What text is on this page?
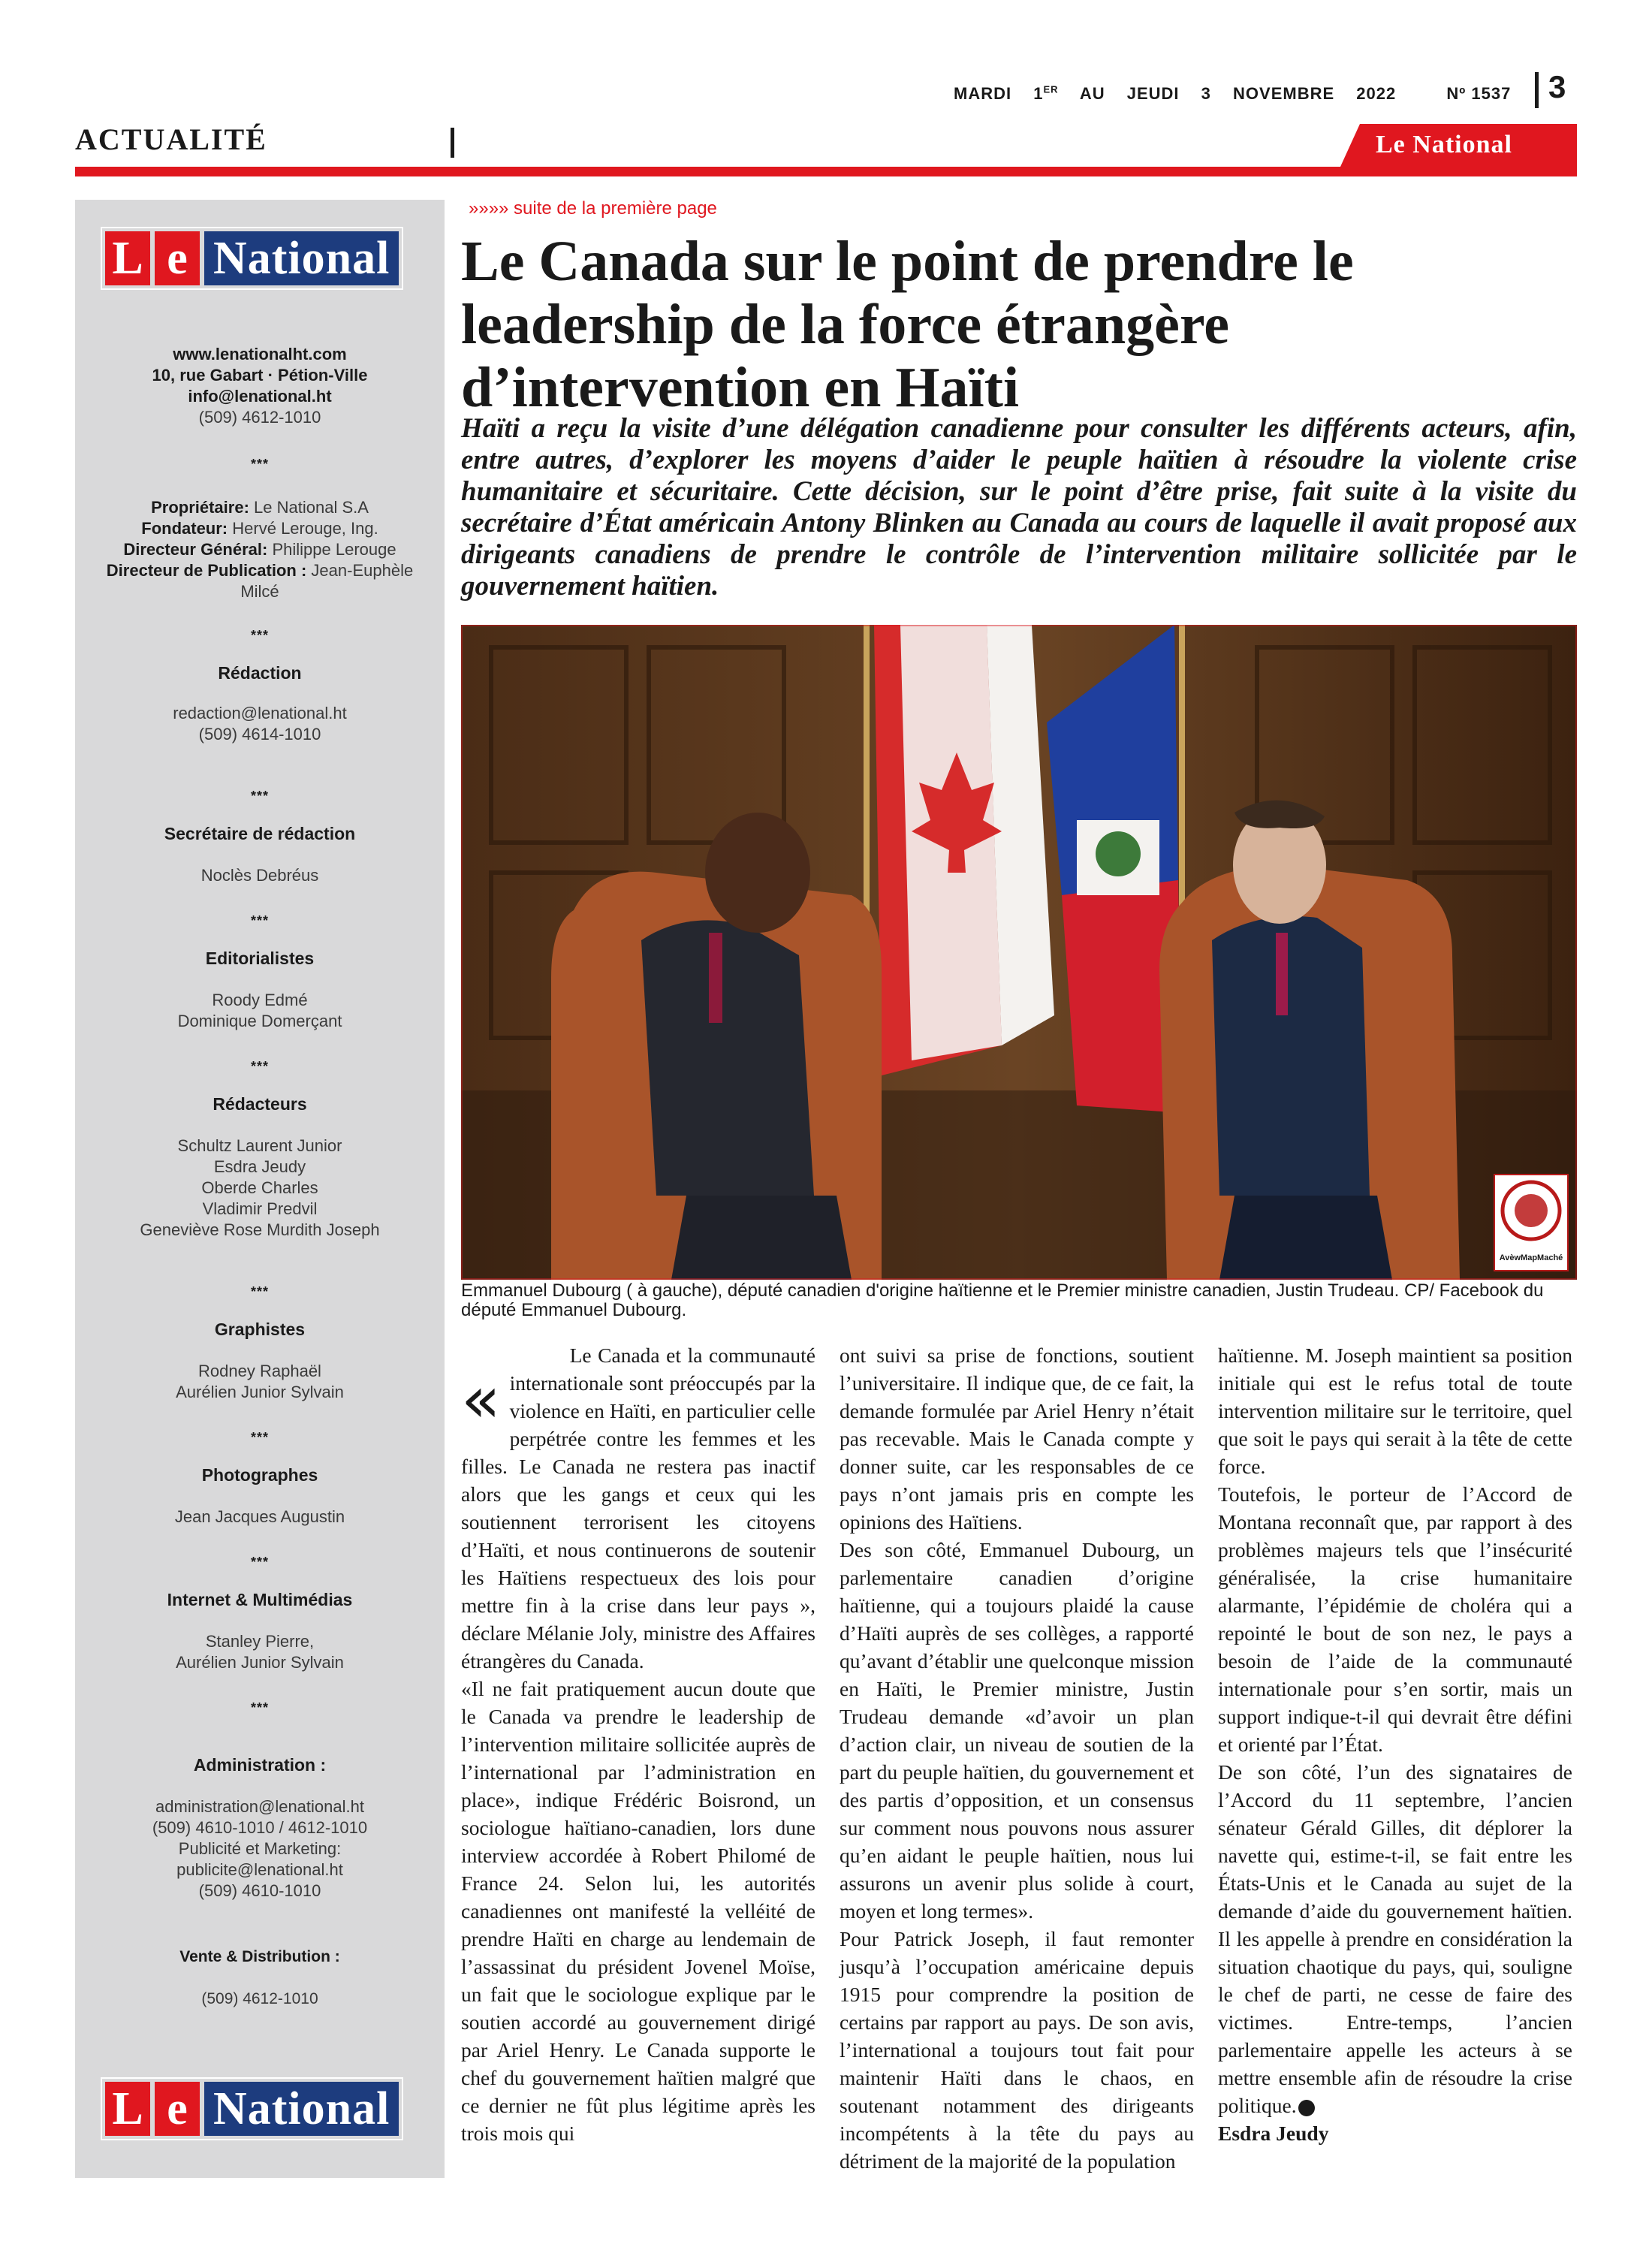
MARDI 1ER AU JEUDI 3 NOVEMBRE 2022	Nº 1537	3
ACTUALITÉ	Le National
L e National
www.lenationalht.com
10, rue Gabart · Pétion-Ville
info@lenational.ht
(509) 4612-1010
***
Propriétaire: Le National S.A
Fondateur: Hervé Lerouge, Ing.
Directeur Général: Philippe Lerouge
Directeur de Publication : Jean-Euphèle
Milcé
***
Rédaction
redaction@lenational.ht
(509) 4614-1010
***
Secrétaire de rédaction
Noclès Debréus
***
Editorialistes
Roody Edmé
Dominique Domerçant
***
Rédacteurs
Schultz Laurent Junior
Esdra Jeudy
Oberde Charles
Vladimir Predvil
Geneviève Rose Murdith Joseph
***
Graphistes
Rodney Raphaël
Aurélien Junior Sylvain
***
Photographes
Jean Jacques Augustin
***
Internet & Multimédias
Stanley Pierre,
Aurélien Junior Sylvain
***
Administration :
administration@lenational.ht
(509) 4610-1010 / 4612-1010
Publicité et Marketing:
publicite@lenational.ht
(509) 4610-1010
Vente & Distribution :
(509) 4612-1010
L e National
»»»» suite de la première page
Le Canada sur le point de prendre le leadership de la force étrangère d’intervention en Haïti
Haïti a reçu la visite d’une délégation canadienne pour consulter les différents acteurs, afin, entre autres, d’explorer les moyens d’aider le peuple haïtien à résoudre la violente crise humanitaire et sécuritaire. Cette décision, sur le point d’être prise, fait suite à la visite du secrétaire d’État américain Antony Blinken au Canada au cours de laquelle il avait proposé aux dirigeants canadiens de prendre le contrôle de l’intervention militaire sollicitée par le gouvernement haïtien.
AvèwMapMaché
Emmanuel Dubourg ( à gauche), député canadien d'origine haïtienne et le Premier ministre canadien, Justin Trudeau. CP/ Facebook du député Emmanuel Dubourg.
«

Le Canada et la communauté internationale sont préoccupés par la violence en Haïti, en particulier celle perpétrée contre les femmes et les filles. Le Canada ne restera pas inactif alors que les gangs et ceux qui les soutiennent terrorisent les citoyens d’Haïti, et nous continuerons de soutenir les Haïtiens respectueux des lois pour mettre fin à la crise dans leur pays », déclare Mélanie Joly, ministre des Affaires étrangères du Canada.

«Il ne fait pratiquement aucun doute que le Canada va prendre le leadership de l’intervention militaire sollicitée auprès de l’international par l’administration en place», indique Frédéric Boisrond, un sociologue haïtiano-canadien, lors dune interview accordée à Robert Philomé de France 24. Selon lui, les autorités canadiennes ont manifesté la velléité de prendre Haïti en charge au lendemain de l’assassinat du président Jovenel Moïse, un fait que le sociologue explique par le soutien accordé au gouvernement dirigé par Ariel Henry. Le Canada supporte le chef du gouvernement haïtien malgré que ce dernier ne fût plus légitime après les trois mois qui

ont suivi sa prise de fonctions, soutient l’universitaire. Il indique que, de ce fait, la demande formulée par Ariel Henry n’était pas recevable. Mais le Canada compte y donner suite, car les responsables de ce pays n’ont jamais pris en compte les opinions des Haïtiens.

Des son côté, Emmanuel Dubourg, un parlementaire canadien d’origine haïtienne, qui a toujours plaidé la cause d’Haïti auprès de ses collèges, a rapporté qu’avant d’établir une quelconque mission en Haïti, le Premier ministre, Justin Trudeau demande «d’avoir un plan d’action clair, un niveau de soutien de la part du peuple haïtien, du gouvernement et des partis d’opposition, et un consensus sur comment nous pouvons nous assurer qu’en aidant le peuple haïtien, nous lui assurons un avenir plus solide à court, moyen et long termes».

Pour Patrick Joseph, il faut remonter jusqu’à l’occupation américaine depuis 1915 pour comprendre la position de certains par rapport au pays. De son avis, l’international a toujours tout fait pour maintenir Haïti dans le chaos, en soutenant notamment des dirigeants incompétents à la tête du pays au détriment de la majorité de la population

haïtienne. M. Joseph maintient sa position initiale qui est le refus total de toute intervention militaire sur le territoire, quel que soit le pays qui serait à la tête de cette force.

Toutefois, le porteur de l’Accord de Montana reconnaît que, par rapport à des problèmes majeurs tels que l’insécurité généralisée, la crise humanitaire alarmante, l’épidémie de choléra qui a repointé le bout de son nez, le pays a besoin de l’aide de la communauté internationale pour s’en sortir, mais un support indique-t-il qui devrait être défini et orienté par l’État.

De son côté, l’un des signataires de l’Accord du 11 septembre, l’ancien sénateur Gérald Gilles, dit déplorer la navette qui, estime-t-il, se fait entre les États-Unis et le Canada au sujet de la demande d’aide du gouvernement haïtien. Il les appelle à prendre en considération la situation chaotique du pays, qui, souligne le chef de parti, ne cesse de faire des victimes. Entre-temps, l’ancien parlementaire appelle les acteurs à se mettre ensemble afin de résoudre la crise politique.

Esdra Jeudy
